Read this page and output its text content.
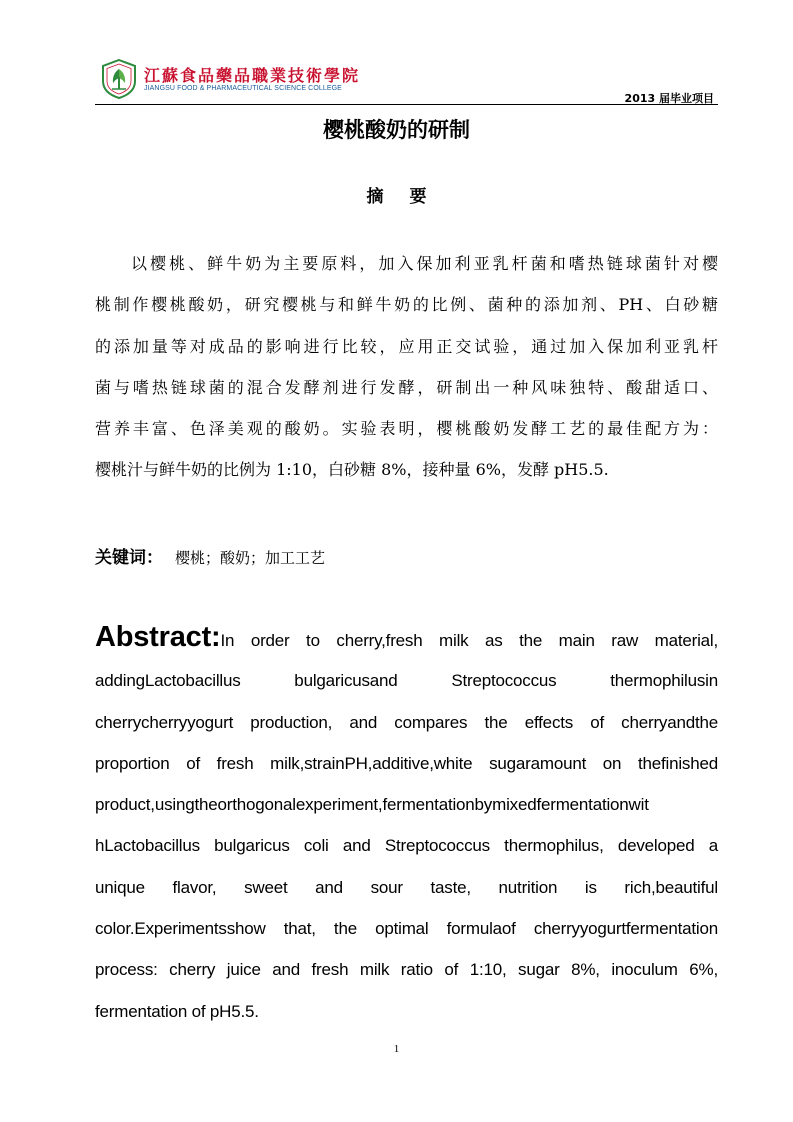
江蘇食品藥品職業技術學院
JIANGSU FOOD & PHARMACEUTICAL SCIENCE COLLEGE
2013 届毕业项目
樱桃酸奶的研制
摘 要
以樱桃、鲜牛奶为主要原料，加入保加利亚乳杆菌和嗜热链球菌针对樱
桃制作樱桃酸奶，研究樱桃与和鲜牛奶的比例、菌种的添加剂、PH、白砂糖
的添加量等对成品的影响进行比较，应用正交试验，通过加入保加利亚乳杆
菌与嗜热链球菌的混合发酵剂进行发酵，研制出一种风味独特、酸甜适口、
营养丰富、色泽美观的酸奶。实验表明，樱桃酸奶发酵工艺的最佳配方为：
樱桃汁与鲜牛奶的比例为 1:10，白砂糖 8%，接种量 6%，发酵 pH5.5.
关键词： 樱桃；酸奶；加工工艺
Abstract:In order to cherry,fresh milk as the main raw material,
addingLactobacillus bulgaricusand Streptococcus thermophilusin
cherrycherryyogurt production, and compares the effects of cherryandthe
proportion of fresh milk,strainPH,additive,white sugaramount on thefinished
product,usingtheorthogonalexperiment,fermentationbymixedfermentationwit
hLactobacillus bulgaricus coli and Streptococcus thermophilus, developed a
unique flavor, sweet and sour taste, nutrition is rich,beautiful
color.Experimentsshow that, the optimal formulaof cherryyogurtfermentation
process: cherry juice and fresh milk ratio of 1:10, sugar 8%, inoculum 6%,
fermentation of pH5.5.
1
